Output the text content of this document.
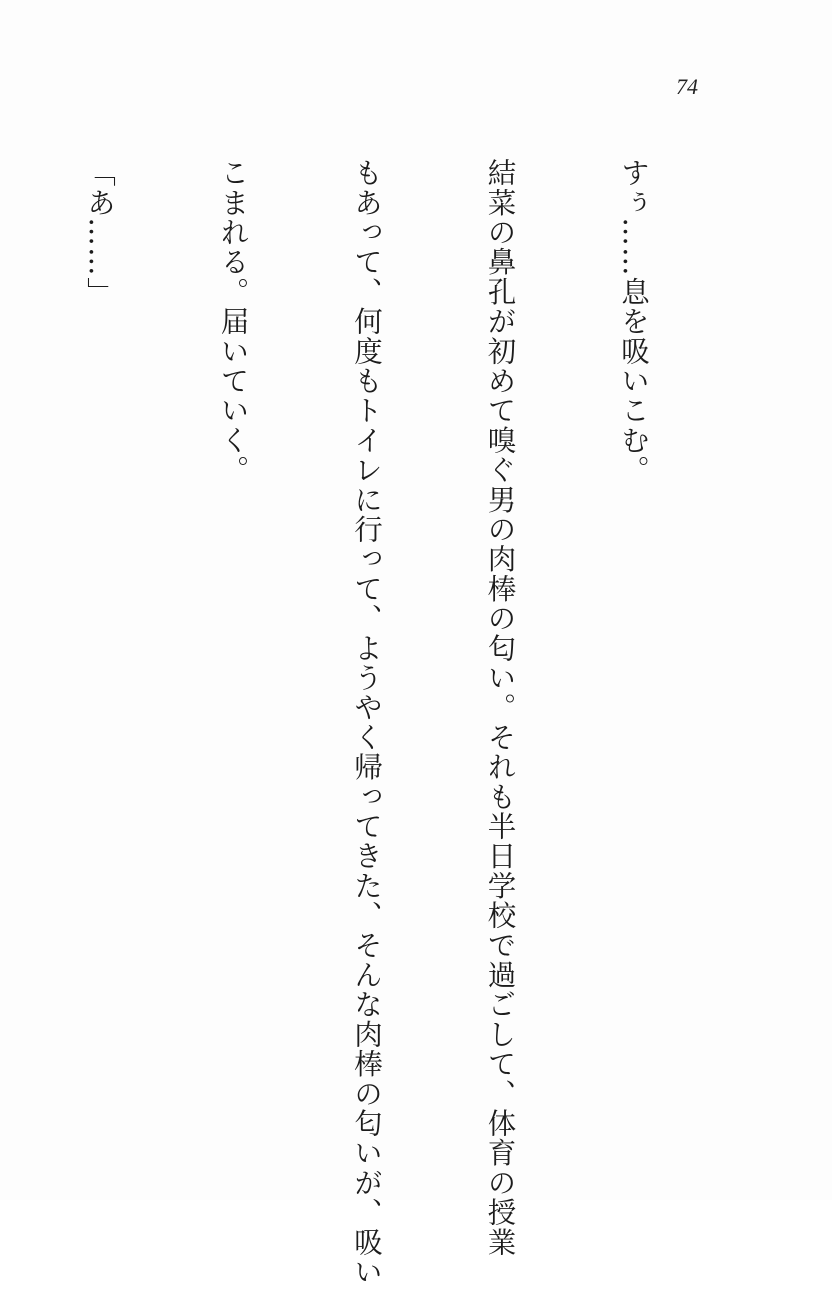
74

すぅ……息を吸いこむ。

結菜の鼻孔が初めて嗅ぐ男の肉棒の匂い。それも半日学校で過ごして、体育の授業

もあって、何度もトイレに行って、ようやく帰ってきた、そんな肉棒の匂いが、吸い

こまれる。届いていく。

「あ……」
